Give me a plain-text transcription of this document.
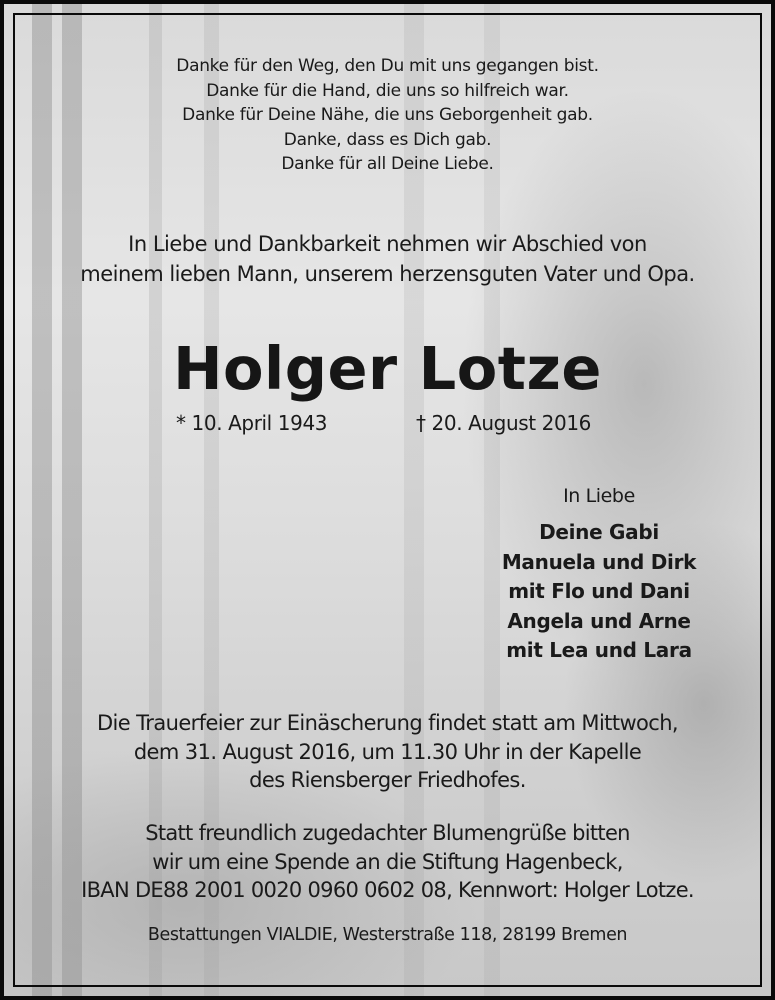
Danke für den Weg, den Du mit uns gegangen bist.
Danke für die Hand, die uns so hilfreich war.
Danke für Deine Nähe, die uns Geborgenheit gab.
Danke, dass es Dich gab.
Danke für all Deine Liebe.
In Liebe und Dankbarkeit nehmen wir Abschied von
meinem lieben Mann, unserem herzensguten Vater und Opa.
Holger Lotze
* 10. April 1943	† 20. August 2016
In Liebe
Deine Gabi
Manuela und Dirk
mit Flo und Dani
Angela und Arne
mit Lea und Lara
Die Trauerfeier zur Einäscherung findet statt am Mittwoch,
dem 31. August 2016, um 11.30 Uhr in der Kapelle
des Riensberger Friedhofes.
Statt freundlich zugedachter Blumengrüße bitten
wir um eine Spende an die Stiftung Hagenbeck,
IBAN DE88 2001 0020 0960 0602 08, Kennwort: Holger Lotze.
Bestattungen VIALDIE, Westerstraße 118, 28199 Bremen
